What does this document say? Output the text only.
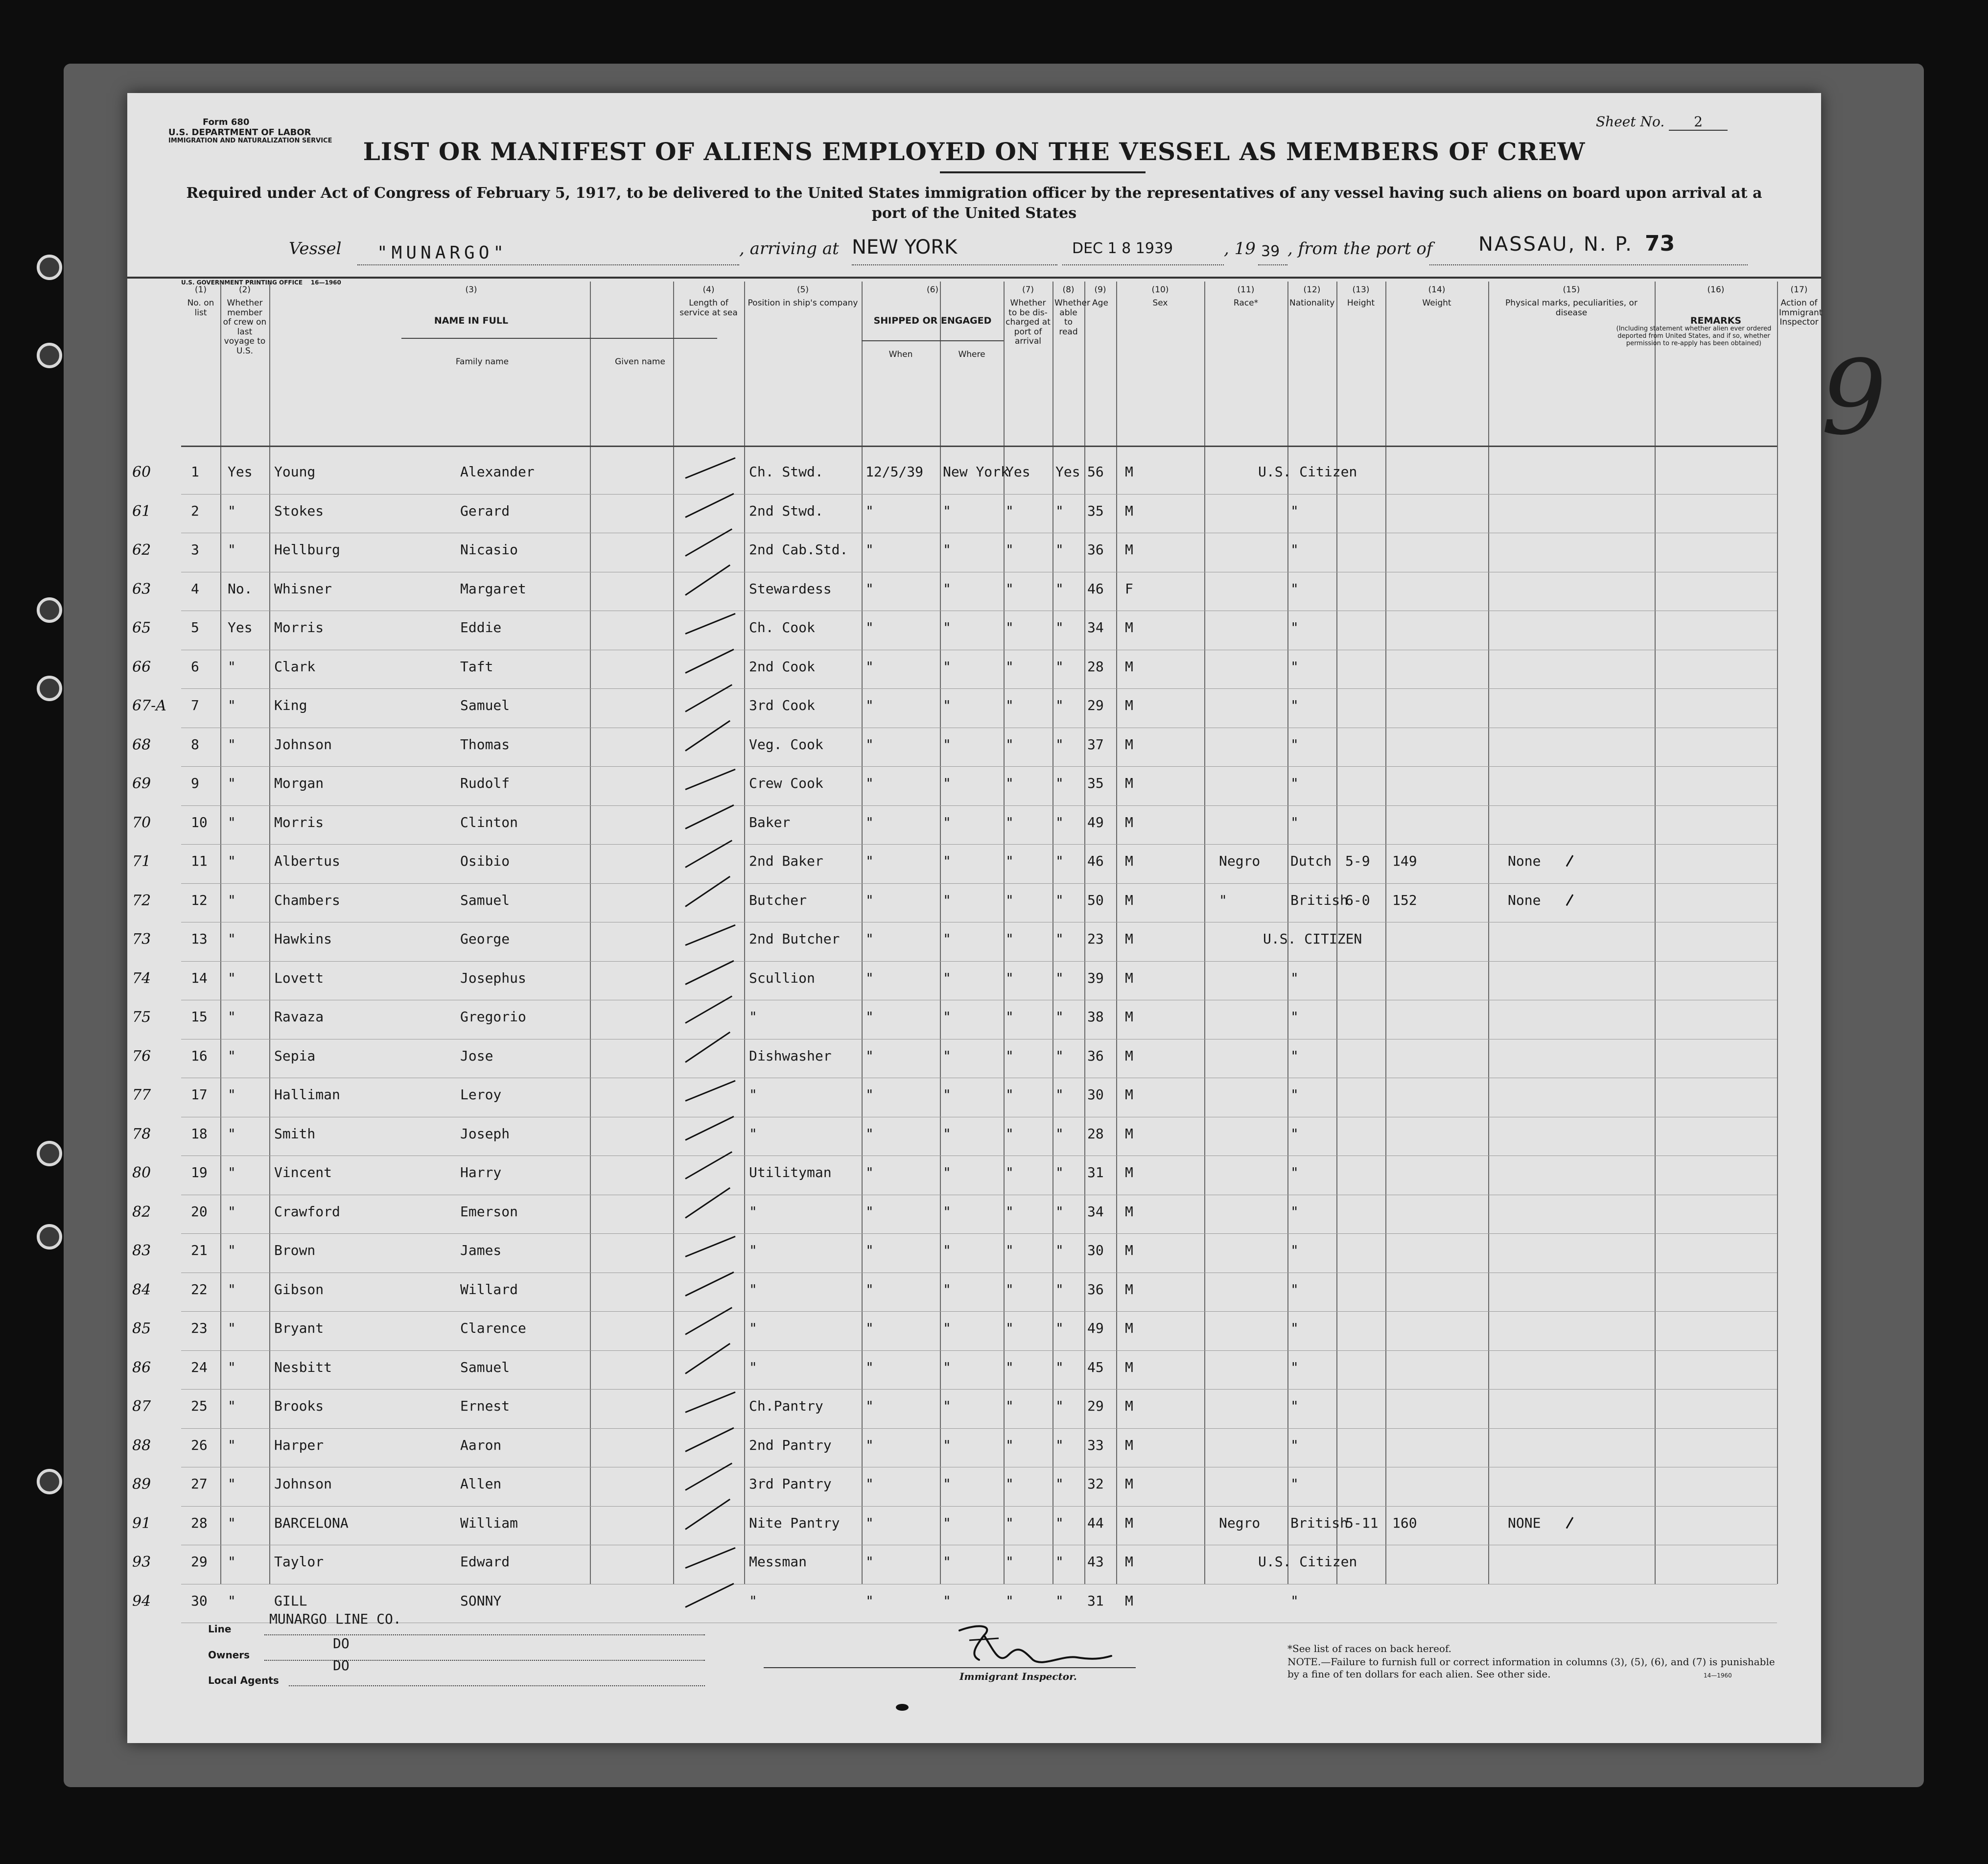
Form 680
U.S. DEPARTMENT OF LABOR
IMMIGRATION AND NATURALIZATION SERVICE
Sheet No. 2
LIST OR MANIFEST OF ALIENS EMPLOYED ON THE VESSEL AS MEMBERS OF CREW
Required under Act of Congress of February 5, 1917, to be delivered to the United States immigration officer by the representatives of any vessel having such aliens on board upon arrival at a port of the United States
Vessel "MUNARGO"	, arriving at NEW YORK	DEC 1 8 1939	, 19 39 , from the port of NASSAU, N. P. 73
U.S. GOVERNMENT PRINTING OFFICE 16—1960
(1)
No. on list
(2)
Whether member of crew on last voyage to U.S.
(3)
NAME IN FULL
(4)
Length of service at sea
(5)
Position in ship's company
(6)
SHIPPED OR ENGAGED
(7)
Whether to be dis-charged at port of arrival
(8)
Whether able to read
(9)
Age
(10)
Sex
(11)
Race*
(12)
Nationality
(13)
Height
(14)
Weight
(15)
Physical marks, peculiarities, or disease
(16)
REMARKS
(17)
Action of Immigrant Inspector
Family name	Given name
When	Where
(Including statement whether alien ever ordered deported from United States, and if so, whether permission to re-apply has been obtained)
60	1 Yes Young	Alexander	Ch. Stwd.	12/5/39 New York
Yes Yes 56 M	U.S. Citizen
61	2 "	Stokes	Gerard	2nd Stwd.	"	"	"	" 35 M	"
62	3 "	Hellburg	Nicasio	2nd Cab.Std. "	"	"	" 36 M	"
63	4 No. Whisner	Margaret	Stewardess "	"	"	" 46 F	"
65	5 Yes Morris	Eddie	Ch. Cook	"	"	"	" 34 M	"
66	6 "	Clark	Taft	2nd Cook	"	"	"	" 28 M	"
67-A 7 "	King	Samuel	3rd Cook	"	"	"	" 29 M	"
68	8 "	Johnson	Thomas	Veg. Cook	"	"	"	" 37 M	"
69	9 "	Morgan	Rudolf	Crew Cook	"	"	"	" 35 M	"
70	10 "	Morris	Clinton	Baker	"	"	"	" 49 M	"
71	11 "	Albertus	Osibio	2nd Baker	"	"	"	" 46 M	Negro Dutch 5-9 149	None
72	12 "	Chambers	Samuel	Butcher	"	"	"	" 50 M	"	British
6-0 152	None
73	13 "	Hawkins	George	2nd Butcher "	"	"	" 23 M	U.S. CITIZEN
74	14 "	Lovett	Josephus	Scullion	"	"	"	" 39 M	"
75	15 "	Ravaza	Gregorio	"	"	"	"	" 38 M	"
76	16 "	Sepia	Jose	Dishwasher "	"	"	" 36 M	"
77	17 "	Halliman	Leroy	"	"	"	"	" 30 M	"
78	18 "	Smith	Joseph	"	"	"	"	" 28 M	"
80	19 "	Vincent	Harry	Utilityman "	"	"	" 31 M	"
82	20 "	Crawford	Emerson	"	"	"	"	" 34 M	"
83	21 "	Brown	James	"	"	"	"	" 30 M	"
84	22 "	Gibson	Willard	"	"	"	"	" 36 M	"
85	23 "	Bryant	Clarence	"	"	"	"	" 49 M	"
86	24 "	Nesbitt	Samuel	"	"	"	"	" 45 M	"
87	25 "	Brooks	Ernest	Ch.Pantry	"	"	"	" 29 M	"
88	26 "	Harper	Aaron	2nd Pantry "	"	"	" 33 M	"
89	27 "	Johnson	Allen	3rd Pantry "	"	"	" 32 M	"
91	28 "	BARCELONA	William	Nite Pantry "	"	"	" 44 M	Negro British
5-11 160	NONE
93	29 "	Taylor	Edward	Messman	"	"	"	" 43 M	U.S. Citizen
94	30 "	GILL	SONNY	"	"	"	"	" 31 M	"
9
Line
MUNARGO LINE CO.
Owners
DO
Local Agents
DO
Immigrant Inspector.
*See list of races on back hereof.
NOTE.—Failure to furnish full or correct information in columns (3), (5), (6), and (7) is punishable by a fine of ten dollars for each alien. See other side.	14—1960
